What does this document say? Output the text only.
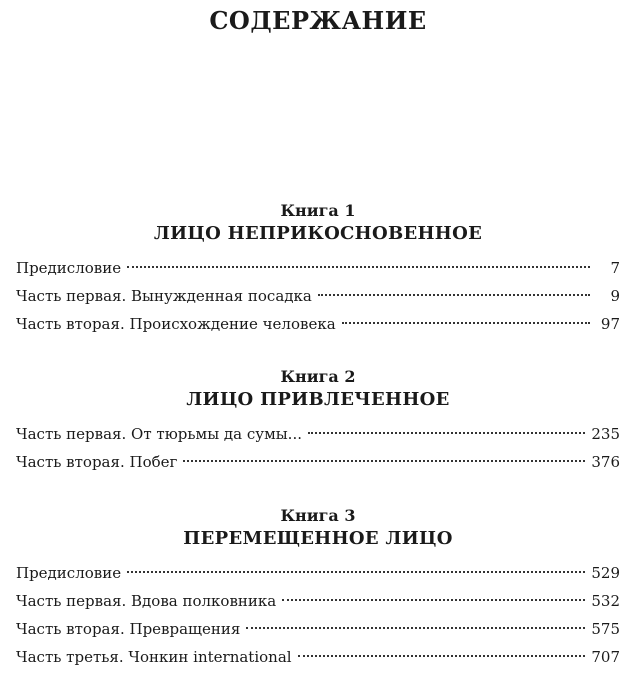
СОДЕРЖАНИЕ
Книга 1
ЛИЦО НЕПРИКОСНОВЕННОЕ
Предисловие	7
Часть первая. Вынужденная посадка	9
Часть вторая. Происхождение человека	97
Книга 2
ЛИЦО ПРИВЛЕЧЕННОЕ
Часть первая. От тюрьмы да сумы...	235
Часть вторая. Побег	376
Книга 3
ПЕРЕМЕЩЕННОЕ ЛИЦО
Предисловие	529
Часть первая. Вдова полковника	532
Часть вторая. Превращения	575
Часть третья. Чонкин international	707
